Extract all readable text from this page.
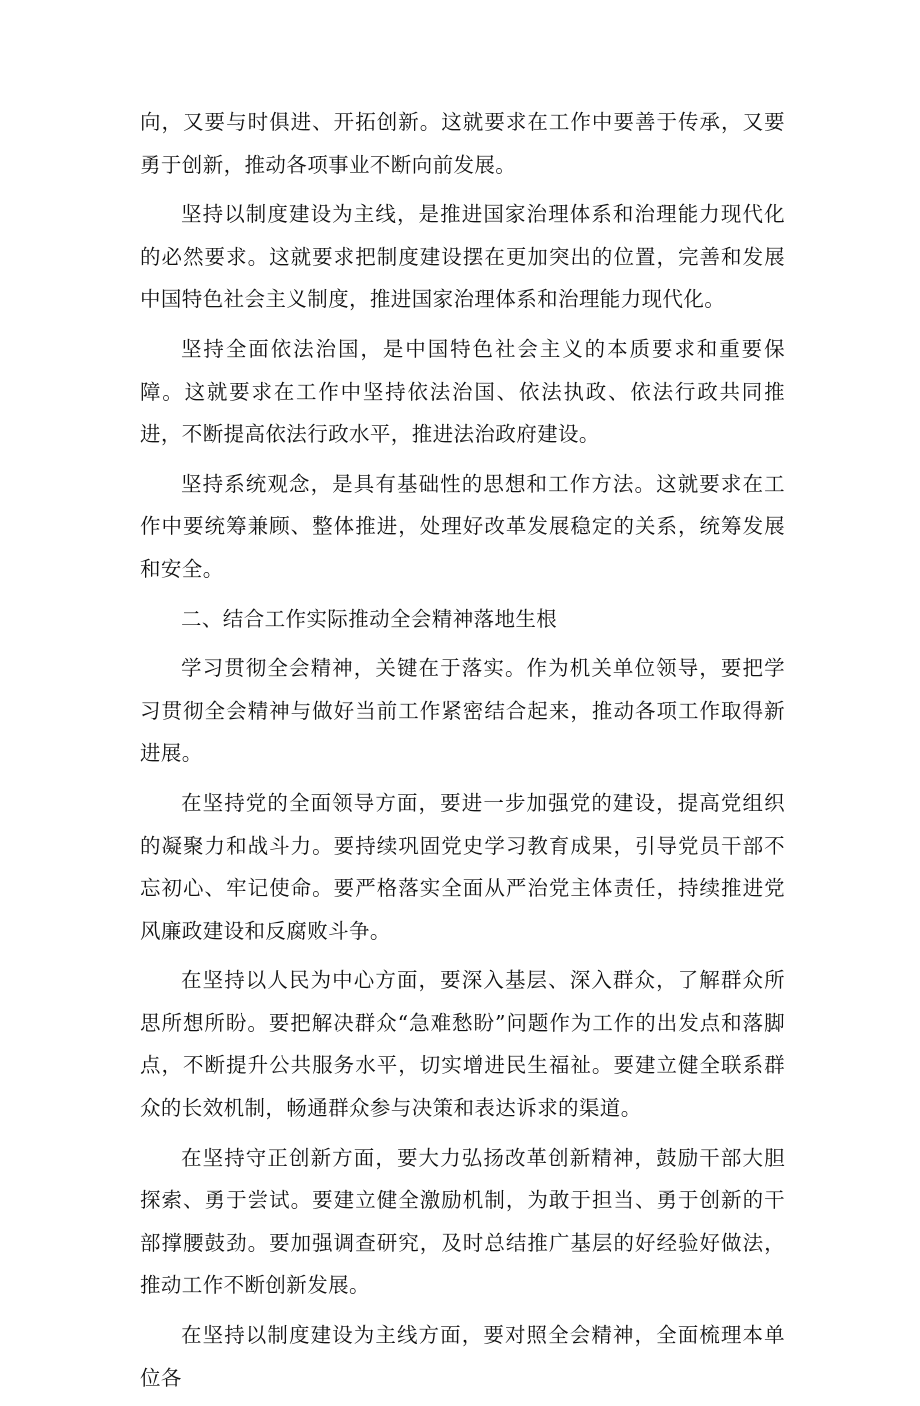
向，又要与时俱进、开拓创新。这就要求在工作中要善于传承，又要勇于创新，推动各项事业不断向前发展。

坚持以制度建设为主线，是推进国家治理体系和治理能力现代化的必然要求。这就要求把制度建设摆在更加突出的位置，完善和发展中国特色社会主义制度，推进国家治理体系和治理能力现代化。

坚持全面依法治国，是中国特色社会主义的本质要求和重要保障。这就要求在工作中坚持依法治国、依法执政、依法行政共同推进，不断提高依法行政水平，推进法治政府建设。

坚持系统观念，是具有基础性的思想和工作方法。这就要求在工作中要统筹兼顾、整体推进，处理好改革发展稳定的关系，统筹发展和安全。

二、结合工作实际推动全会精神落地生根

学习贯彻全会精神，关键在于落实。作为机关单位领导，要把学习贯彻全会精神与做好当前工作紧密结合起来，推动各项工作取得新进展。

在坚持党的全面领导方面，要进一步加强党的建设，提高党组织的凝聚力和战斗力。要持续巩固党史学习教育成果，引导党员干部不忘初心、牢记使命。要严格落实全面从严治党主体责任，持续推进党风廉政建设和反腐败斗争。

在坚持以人民为中心方面，要深入基层、深入群众，了解群众所思所想所盼。要把解决群众“急难愁盼”问题作为工作的出发点和落脚点，不断提升公共服务水平，切实增进民生福祉。要建立健全联系群众的长效机制，畅通群众参与决策和表达诉求的渠道。

在坚持守正创新方面，要大力弘扬改革创新精神，鼓励干部大胆探索、勇于尝试。要建立健全激励机制，为敢于担当、勇于创新的干部撑腰鼓劲。要加强调查研究，及时总结推广基层的好经验好做法，推动工作不断创新发展。

在坚持以制度建设为主线方面，要对照全会精神，全面梳理本单位各
